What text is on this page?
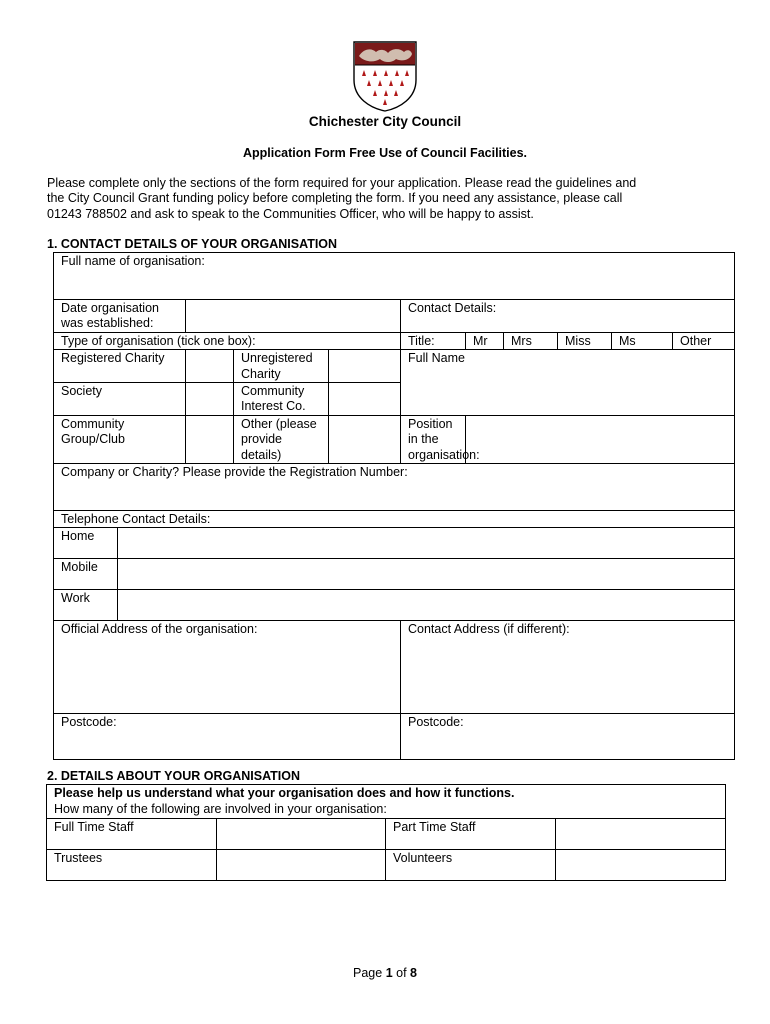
Chichester City Council
Application Form Free Use of Council Facilities.
Please complete only the sections of the form required for your application. Please read the guidelines and
the City Council Grant funding policy before completing the form. If you need any assistance, please call
01243 788502 and ask to speak to the Communities Officer, who will be happy to assist.
1. CONTACT DETAILS OF YOUR ORGANISATION
Full name of organisation:										
Date organisation was established:					Contact Details:					
Type of organisation (tick one box):					Title:	Mr	Mrs	Miss	Ms	Other
Registered Charity			Unregistered Charity		Full Name					
Society			Community Interest Co.							
Community Group/Club			Other (please provide details)		Position in the organisation:					
Company or Charity? Please provide the Registration Number:										
Telephone Contact Details:										
Home										
Mobile										
Work										
Official Address of the organisation:					Contact Address (if different):					
Postcode:					Postcode:					
2. DETAILS ABOUT YOUR ORGANISATION
Please help us understand what your organisation does and how it functions.			
How many of the following are involved in your organisation:			
Full Time Staff		Part Time Staff	
Trustees		Volunteers	
Page 1 of 8
